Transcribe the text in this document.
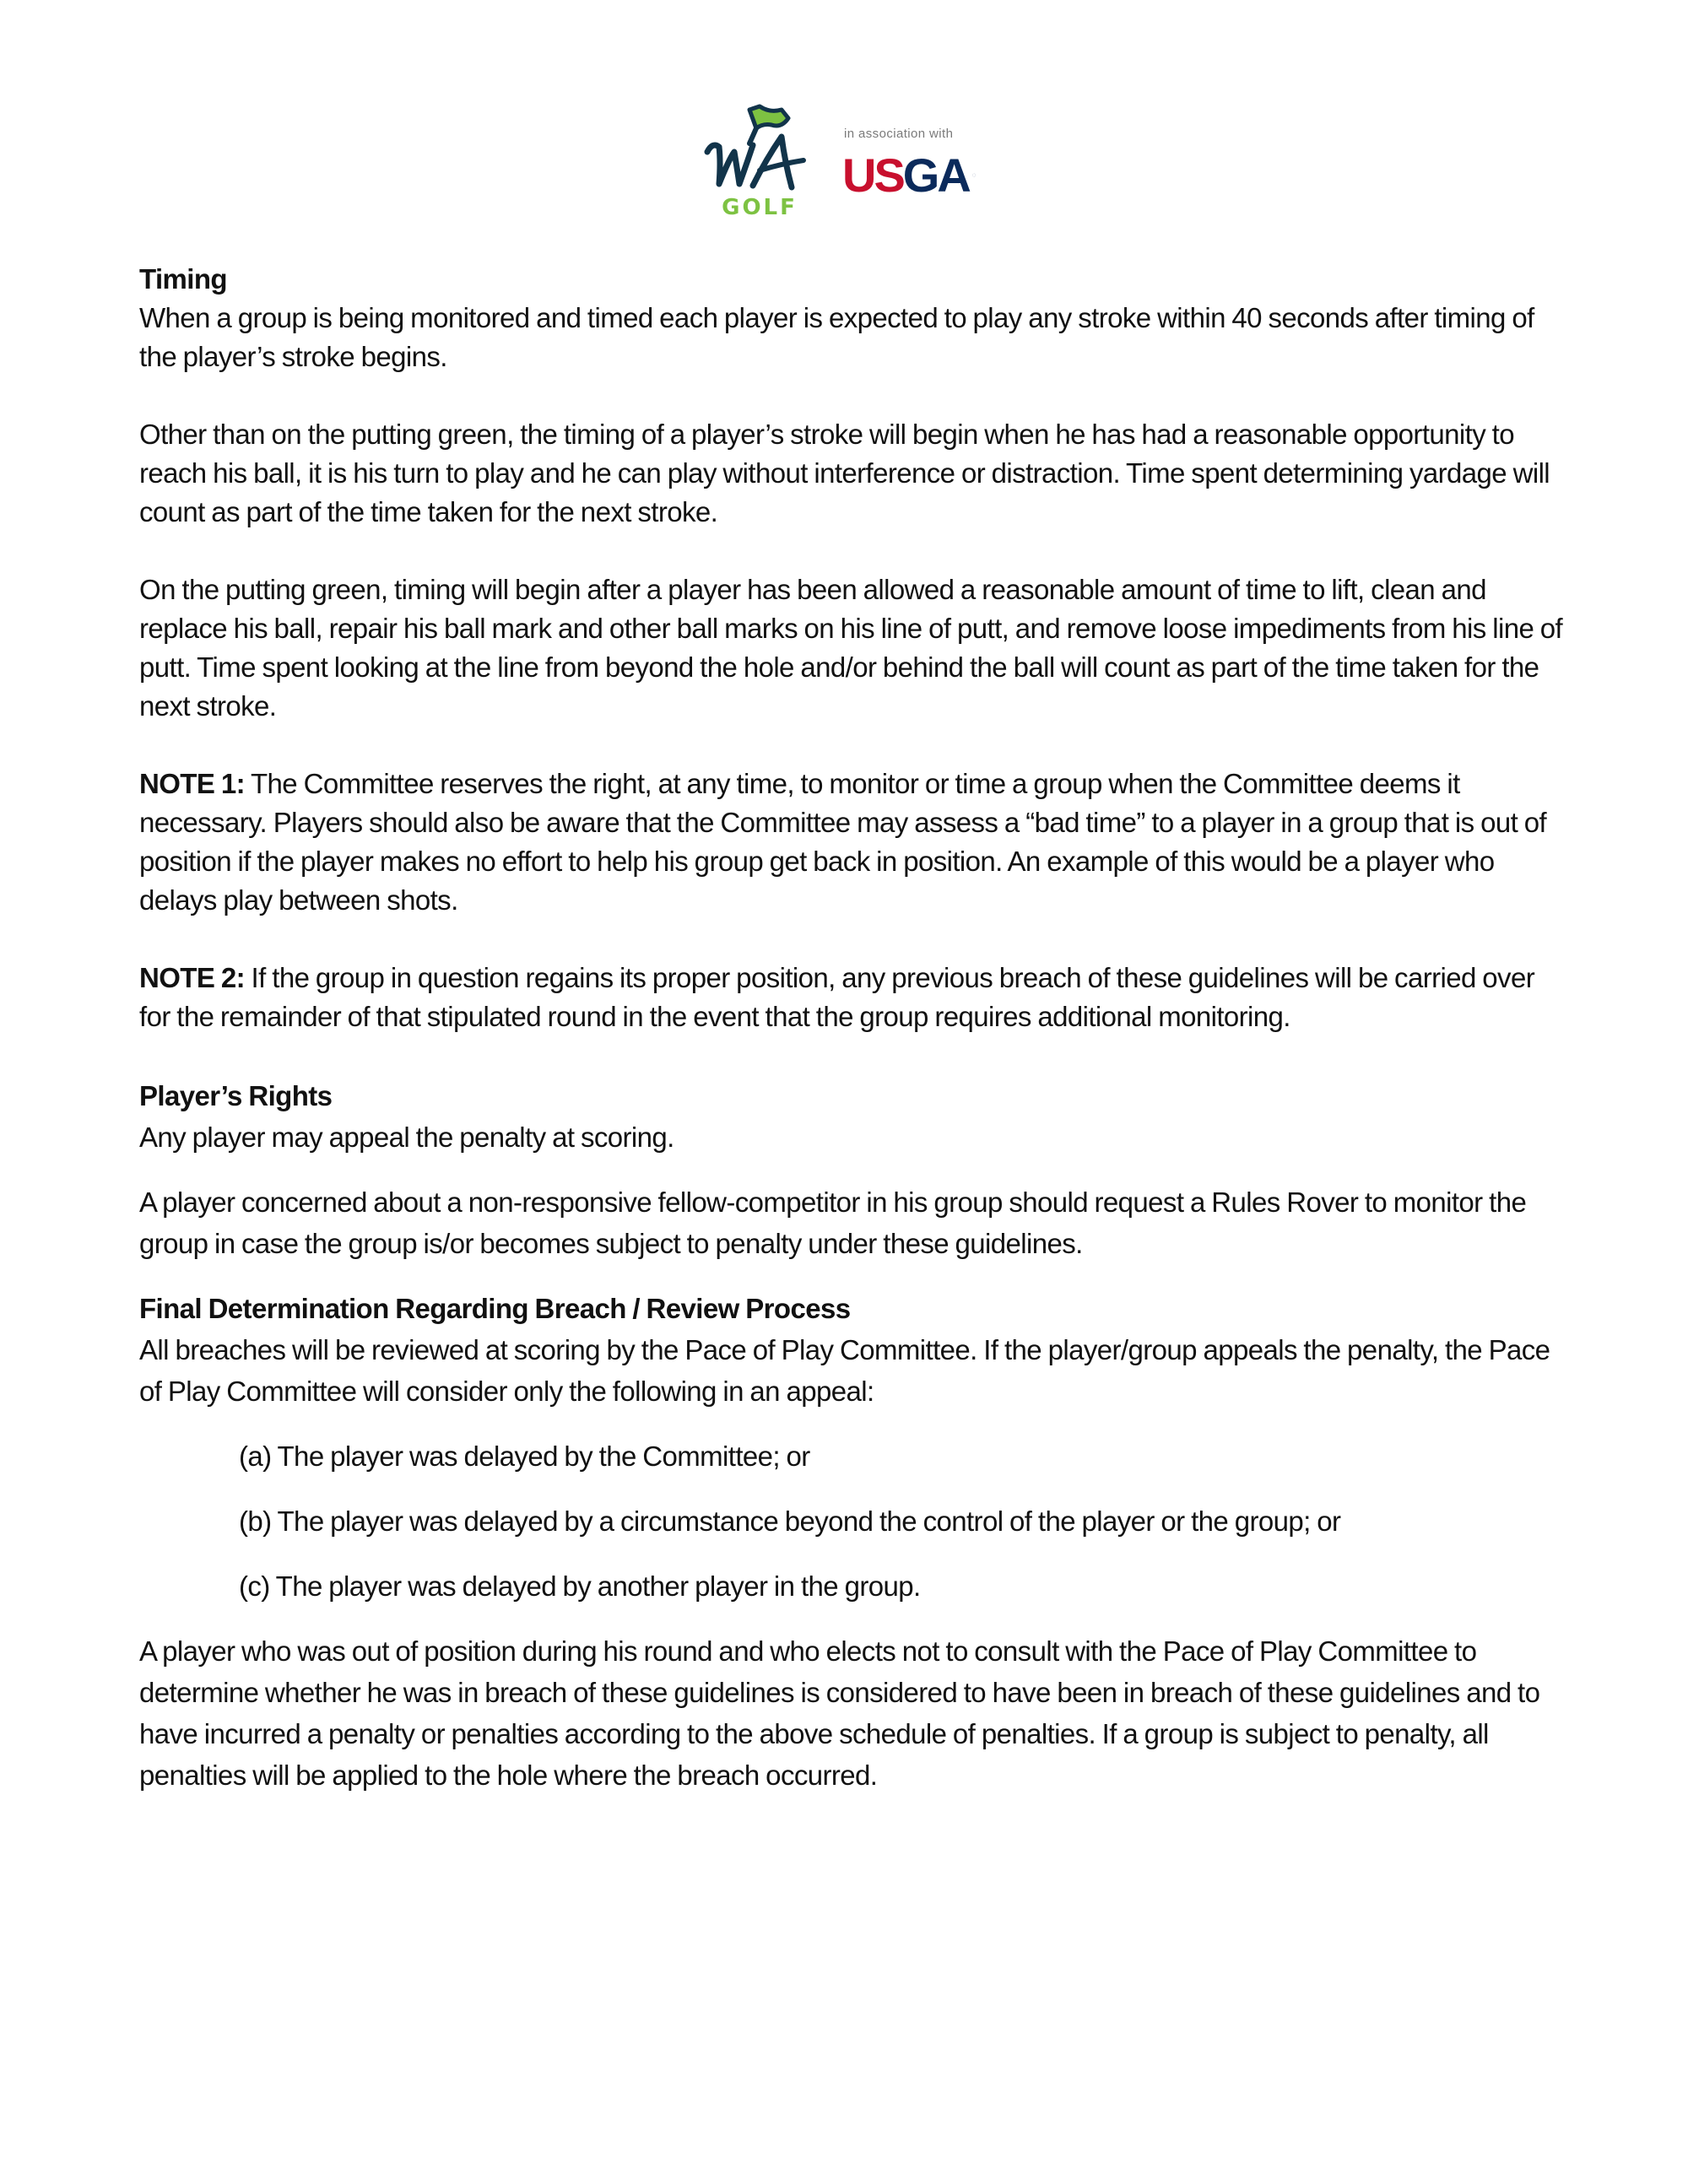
GOLF
in association with
USGA ◌

Timing

When a group is being monitored and timed each player is expected to play any stroke within 40 seconds after timing of the player’s stroke begins.

Other than on the putting green, the timing of a player’s stroke will begin when he has had a reasonable opportunity to reach his ball, it is his turn to play and he can play without interference or distraction. Time spent determining yardage will count as part of the time taken for the next stroke.

On the putting green, timing will begin after a player has been allowed a reasonable amount of time to lift, clean and replace his ball, repair his ball mark and other ball marks on his line of putt, and remove loose impediments from his line of putt. Time spent looking at the line from beyond the hole and/or behind the ball will count as part of the time taken for the next stroke.

NOTE 1: The Committee reserves the right, at any time, to monitor or time a group when the Committee deems it necessary. Players should also be aware that the Committee may assess a “bad time” to a player in a group that is out of position if the player makes no effort to help his group get back in position. An example of this would be a player who delays play between shots.

NOTE 2: If the group in question regains its proper position, any previous breach of these guidelines will be carried over for the remainder of that stipulated round in the event that the group requires additional monitoring.

Player’s Rights

Any player may appeal the penalty at scoring.

A player concerned about a non-responsive fellow-competitor in his group should request a Rules Rover to monitor the group in case the group is/or becomes subject to penalty under these guidelines.

Final Determination Regarding Breach / Review Process

All breaches will be reviewed at scoring by the Pace of Play Committee. If the player/group appeals the penalty, the Pace of Play Committee will consider only the following in an appeal:

(a) The player was delayed by the Committee; or

(b) The player was delayed by a circumstance beyond the control of the player or the group; or

(c) The player was delayed by another player in the group.

A player who was out of position during his round and who elects not to consult with the Pace of Play Committee to determine whether he was in breach of these guidelines is considered to have been in breach of these guidelines and to have incurred a penalty or penalties according to the above schedule of penalties. If a group is subject to penalty, all penalties will be applied to the hole where the breach occurred.
